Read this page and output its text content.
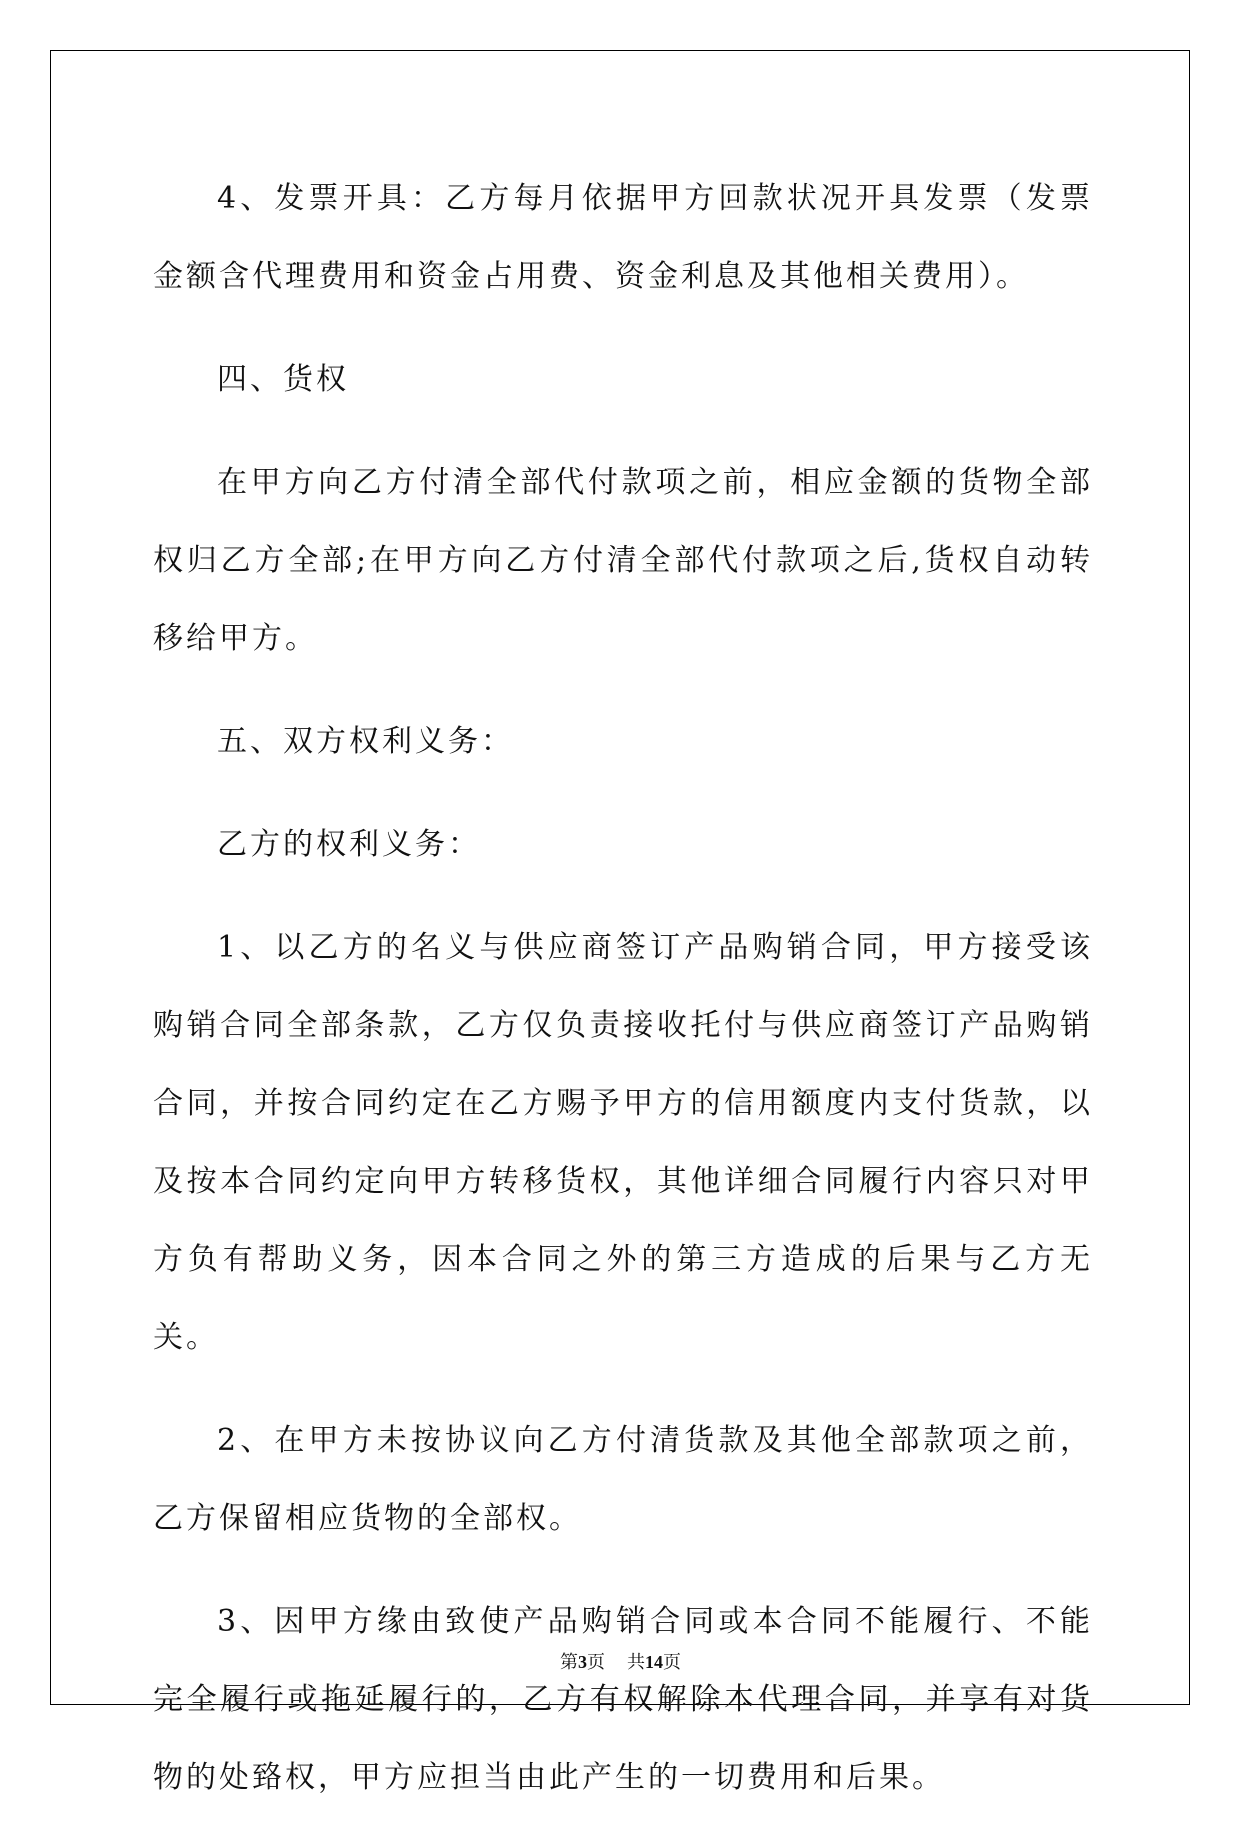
4、发票开具：乙方每月依据甲方回款状况开具发票（发票金额含代理费用和资金占用费、资金利息及其他相关费用）。

四、货权

在甲方向乙方付清全部代付款项之前，相应金额的货物全部权归乙方全部;在甲方向乙方付清全部代付款项之后,货权自动转移给甲方。

五、双方权利义务：

乙方的权利义务：

1、以乙方的名义与供应商签订产品购销合同，甲方接受该购销合同全部条款，乙方仅负责接收托付与供应商签订产品购销合同，并按合同约定在乙方赐予甲方的信用额度内支付货款，以及按本合同约定向甲方转移货权，其他详细合同履行内容只对甲方负有帮助义务，因本合同之外的第三方造成的后果与乙方无关。

2、在甲方未按协议向乙方付清货款及其他全部款项之前，乙方保留相应货物的全部权。

3、因甲方缘由致使产品购销合同或本合同不能履行、不能完全履行或拖延履行的，乙方有权解除本代理合同，并享有对货物的处臵权，甲方应担当由此产生的一切费用和后果。

第3页 共14页
